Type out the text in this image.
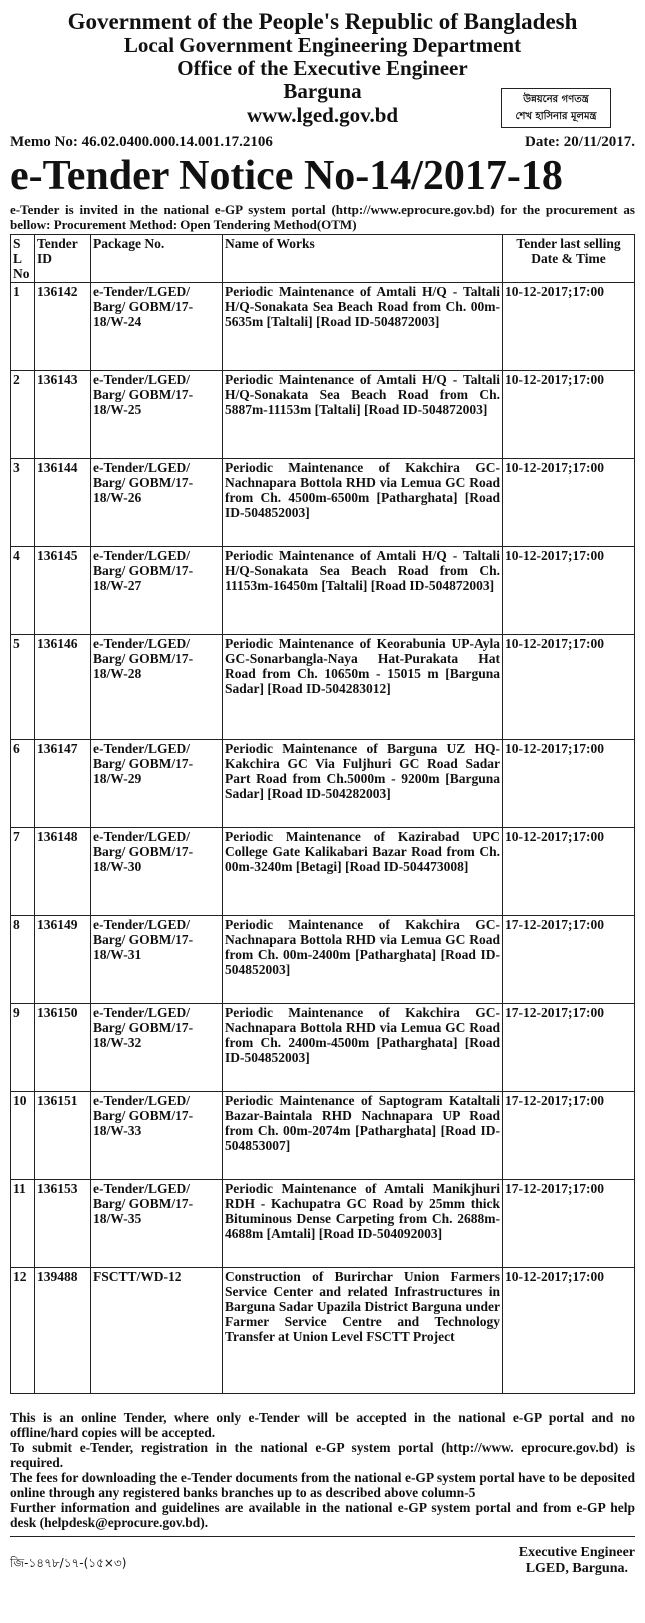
Government of the People's Republic of Bangladesh
Local Government Engineering Department
Office of the Executive Engineer
Barguna
www.lged.gov.bd
উন্নয়নের গণতন্ত্র
শেখ হাসিনার মূলমন্ত্র
Memo No: 46.02.0400.000.14.001.17.2106	Date: 20/11/2017.
e-Tender Notice No-14/2017-18
e-Tender is invited in the national e-GP system portal (http://www.eprocure.gov.bd) for the procurement as bellow: Procurement Method: Open Tendering Method(OTM)
S L No	Tender ID	Package No.	Name of Works	Tender last selling Date & Time
1	136142	e-Tender/LGED/ Barg/ GOBM/17-18/W-24	Periodic Maintenance of Amtali H/Q - Taltali H/Q-Sonakata Sea Beach Road from Ch. 00m-5635m [Taltali] [Road ID-504872003]	10-12-2017;17:00
2	136143	e-Tender/LGED/ Barg/ GOBM/17-18/W-25	Periodic Maintenance of Amtali H/Q - Taltali H/Q-Sonakata Sea Beach Road from Ch. 5887m-11153m [Taltali] [Road ID-504872003]	10-12-2017;17:00
3	136144	e-Tender/LGED/ Barg/ GOBM/17-18/W-26	Periodic Maintenance of Kakchira GC-Nachnapara Bottola RHD via Lemua GC Road from Ch. 4500m-6500m [Patharghata] [Road ID-504852003]	10-12-2017;17:00
4	136145	e-Tender/LGED/ Barg/ GOBM/17-18/W-27	Periodic Maintenance of Amtali H/Q - Taltali H/Q-Sonakata Sea Beach Road from Ch. 11153m-16450m [Taltali] [Road ID-504872003]	10-12-2017;17:00
5	136146	e-Tender/LGED/ Barg/ GOBM/17-18/W-28	Periodic Maintenance of Keorabunia UP-Ayla GC-Sonarbangla-Naya Hat-Purakata Hat Road from Ch. 10650m - 15015 m [Barguna Sadar] [Road ID-504283012]	10-12-2017;17:00
6	136147	e-Tender/LGED/ Barg/ GOBM/17-18/W-29	Periodic Maintenance of Barguna UZ HQ-Kakchira GC Via Fuljhuri GC Road Sadar Part Road from Ch.5000m - 9200m [Barguna Sadar] [Road ID-504282003]	10-12-2017;17:00
7	136148	e-Tender/LGED/ Barg/ GOBM/17-18/W-30	Periodic Maintenance of Kazirabad UPC College Gate Kalikabari Bazar Road from Ch. 00m-3240m [Betagi] [Road ID-504473008]	10-12-2017;17:00
8	136149	e-Tender/LGED/ Barg/ GOBM/17-18/W-31	Periodic Maintenance of Kakchira GC-Nachnapara Bottola RHD via Lemua GC Road from Ch. 00m-2400m [Patharghata] [Road ID-504852003]	17-12-2017;17:00
9	136150	e-Tender/LGED/ Barg/ GOBM/17-18/W-32	Periodic Maintenance of Kakchira GC-Nachnapara Bottola RHD via Lemua GC Road from Ch. 2400m-4500m [Patharghata] [Road ID-504852003]	17-12-2017;17:00
10	136151	e-Tender/LGED/ Barg/ GOBM/17-18/W-33	Periodic Maintenance of Saptogram Kataltali Bazar-Baintala RHD Nachnapara UP Road from Ch. 00m-2074m [Patharghata] [Road ID-504853007]	17-12-2017;17:00
11	136153	e-Tender/LGED/ Barg/ GOBM/17-18/W-35	Periodic Maintenance of Amtali Manikjhuri RDH - Kachupatra GC Road by 25mm thick Bituminous Dense Carpeting from Ch. 2688m-4688m [Amtali] [Road ID-504092003]	17-12-2017;17:00
12	139488	FSCTT/WD-12	Construction of Burirchar Union Farmers Service Center and related Infrastructures in Barguna Sadar Upazila District Barguna under Farmer Service Centre and Technology Transfer at Union Level FSCTT Project	10-12-2017;17:00
This is an online Tender, where only e-Tender will be accepted in the national e-GP portal and no offline/hard copies will be accepted.
To submit e-Tender, registration in the national e-GP system portal (http://www. eprocure.gov.bd) is required.
The fees for downloading the e-Tender documents from the national e-GP system portal have to be deposited online through any registered banks branches up to as described above column-5
Further information and guidelines are available in the national e-GP system portal and from e-GP help desk (helpdesk@eprocure.gov.bd).
জি-১৪৭৮/১৭-(১৫×৩)
Executive Engineer
LGED, Barguna.
